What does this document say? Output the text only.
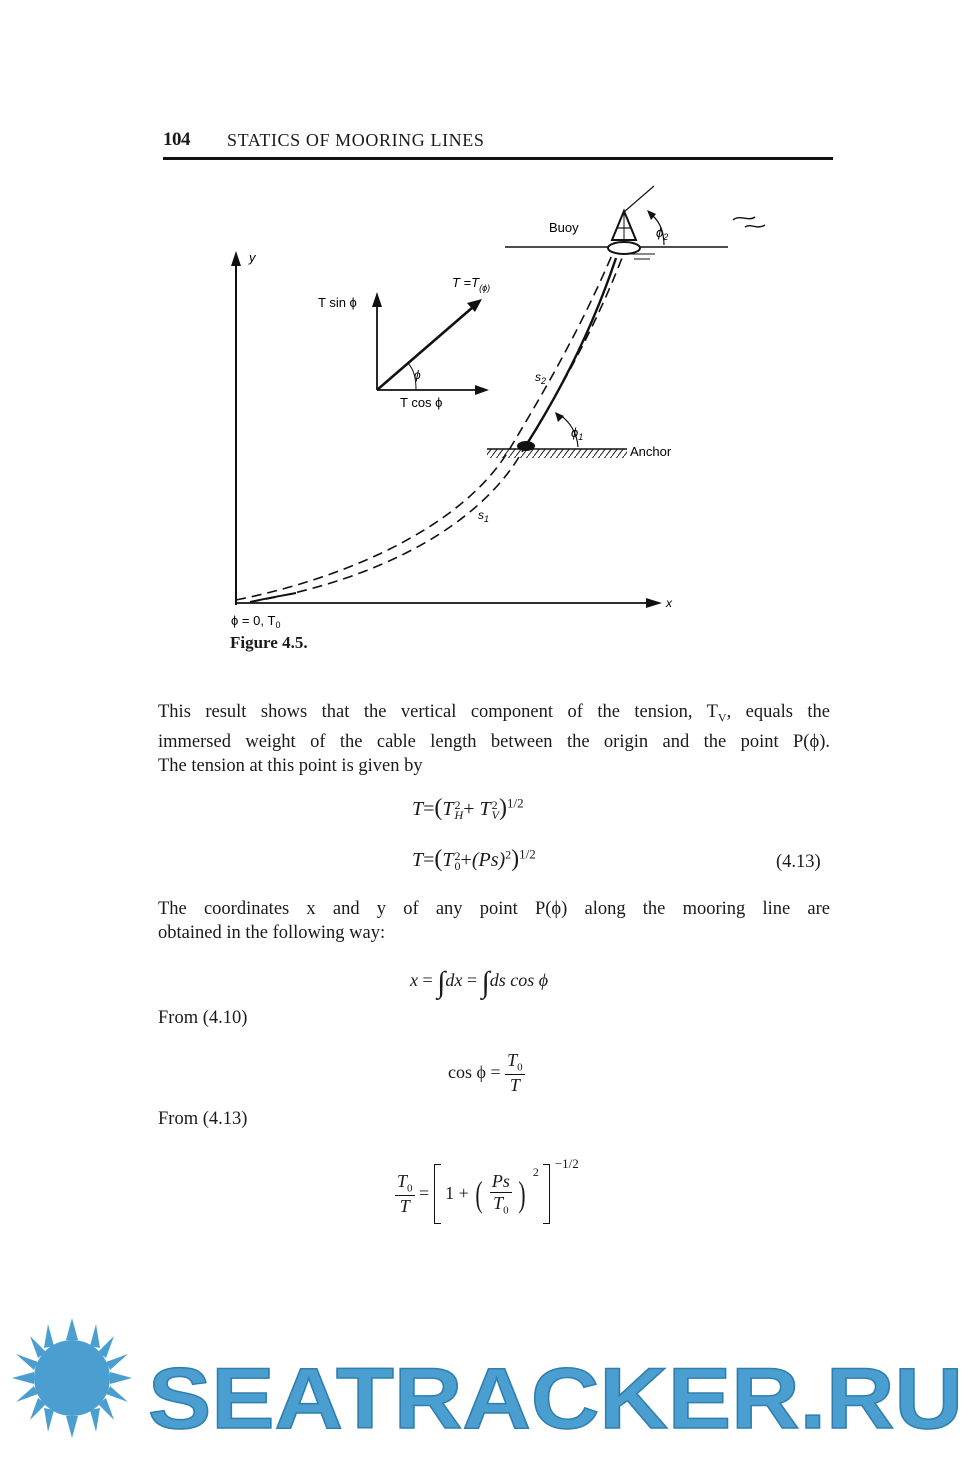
104 STATICS OF MOORING LINES
y
x
Anchor
Buoy	$\phi_2$
$\phi_1$
$s_2$
$s_1$
$T =T_{(\phi)}$
T sin ϕ
T cos ϕ
ϕ
ϕ = 0, $T_0$
Figure 4.5.
This result shows that the vertical component of the tension, $T_V$, equals the
immersed weight of the cable length between the origin and the point P(ϕ).
The tension at this point is given by
T=(T 2
H + T 2
V )$^{1/2}$
T=(T 2
$0 +(Ps)^2)^{1/2}$	(4.13)
The coordinates x and y of any point P(ϕ) along the mooring line are
obtained in the following way:
x = ∫dx = ∫ds cos ϕ
From (4.10)
$\cos \phi = \frac{T_0}{T}$
From (4.13)
$\frac{T_0}{T} = 1$ + ( $\frac{Ps}{T_0}$ ) $^2$  $^{-1/2}$
SEATRACKER.RU
